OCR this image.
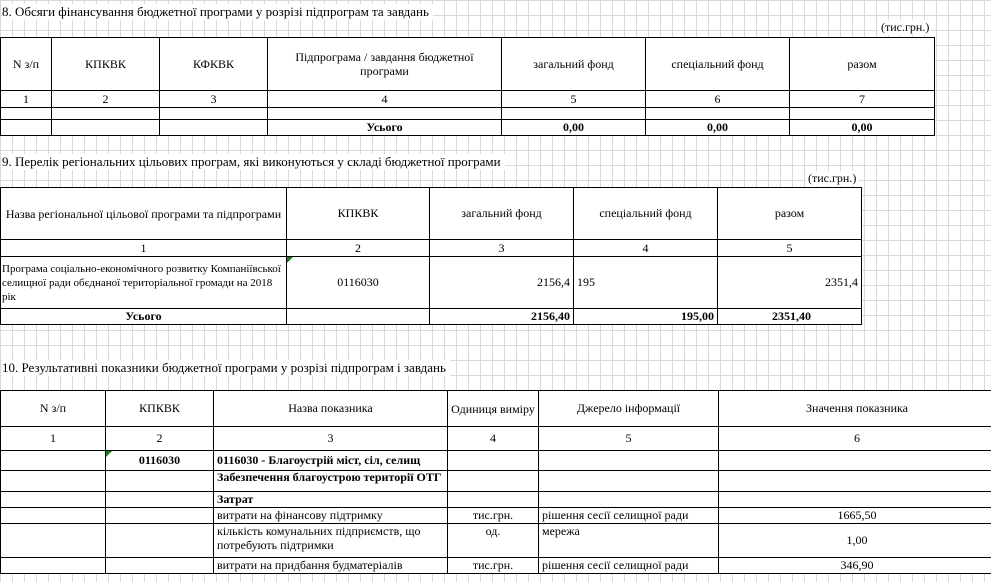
8. Обсяги фінансування бюджетної програми у розрізі підпрограм та завдань
(тис.грн.)
N з/п	КПКВК	КФКВК	Підпрограма / завдання бюджетної програми	загальний фонд	спеціальний фонд	разом
1	2	3	4	5	6	7

			Усього	0,00	0,00	0,00
9. Перелік регіональних цільових програм, які виконуються у складі бюджетної програми
(тис.грн.)
Назва регіональної цільової програми та підпрограми	КПКВК	загальний фонд	спеціальний фонд	разом
1	2	3	4	5
Програма соціально-економічного розвитку Компаніївської селищної ради обєднаної територіальної громади на 2018 рік	0116030	2156,4	195	2351,4
Усього		2156,40	195,00	2351,40
10. Результативні показники бюджетної програми у розрізі підпрограм і завдань
N з/п	КПКВК	Назва показника	Одиниця виміру	Джерело інформації	Значення показника
1	2	3	4	5	6
	0116030	0116030 - Благоустрій міст, сіл, селищ			
		Забезпечення благоустрою території ОТГ			
		Затрат			
		витрати на фінансову підтримку	тис.грн.	рішення сесії селищної ради	1665,50
		кількість комунальних підприємств, що потребують підтримки	од.	мережа	1,00
		витрати на придбання будматеріалів	тис.грн.	рішення сесії селищної ради	346,90
